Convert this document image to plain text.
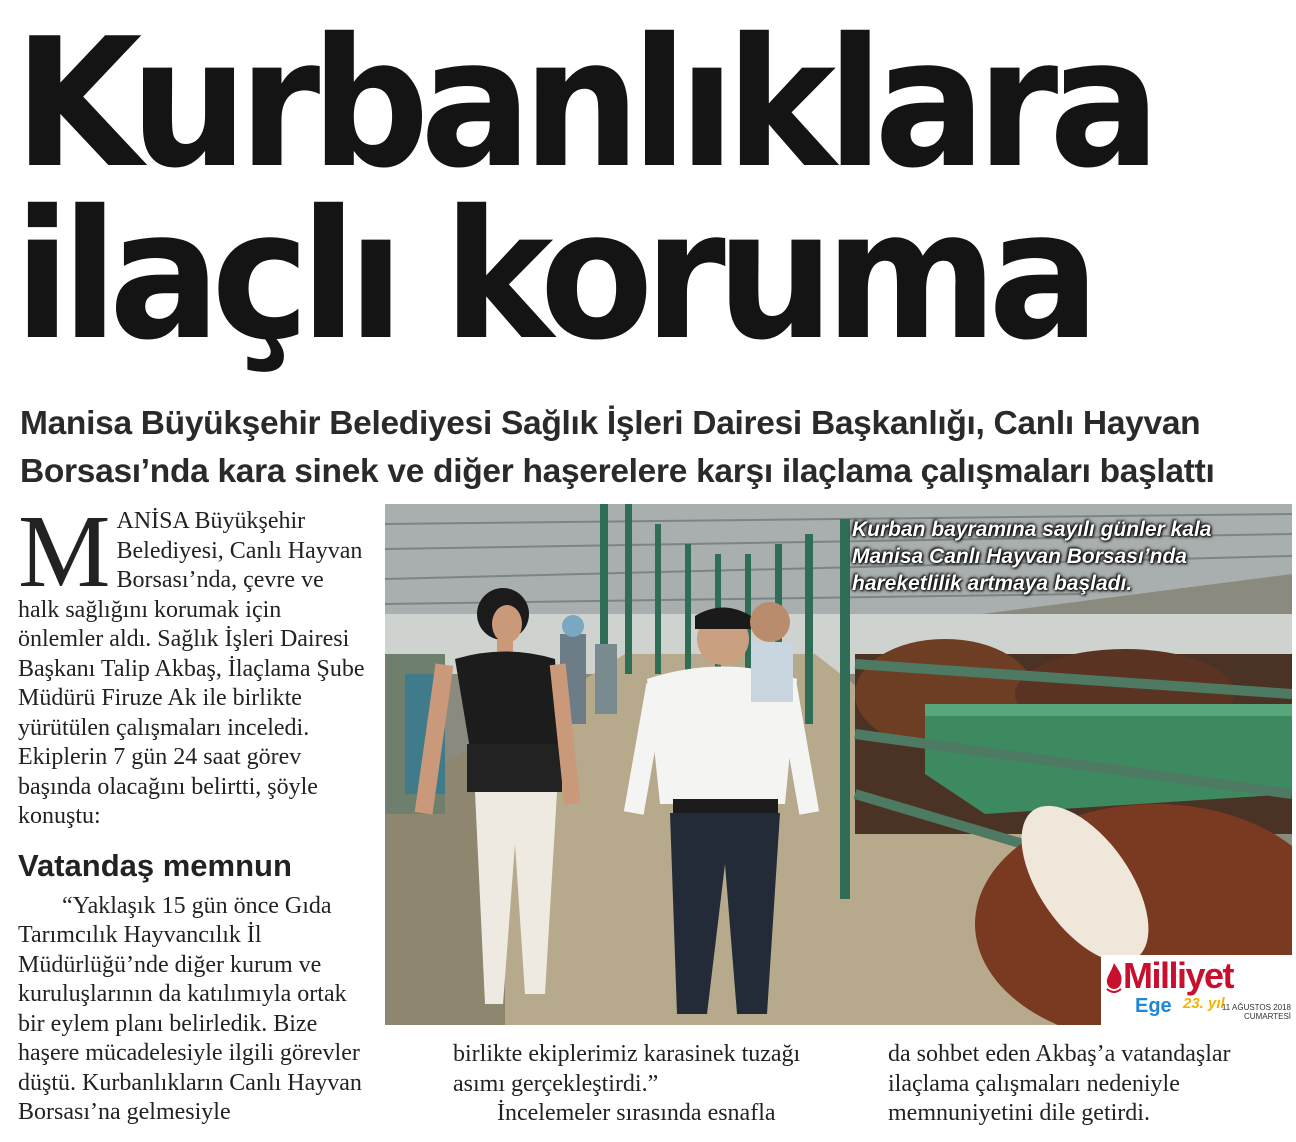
Kurbanlıklara
ilaçlı koruma

Manisa Büyükşehir Belediyesi Sağlık İşleri Dairesi Başkanlığı, Canlı Hayvan
Borsası’nda kara sinek ve diğer haşerelere karşı ilaçlama çalışmaları başlattı

MANİSA Büyükşehir Belediyesi, Canlı Hayvan Borsası’nda, çevre ve halk sağlığını korumak için önlemler aldı. Sağlık İşleri Dairesi Başkanı Talip Akbaş, İlaçlama Şube Müdürü Firuze Ak ile birlikte yürütülen çalışmaları inceledi. Ekiplerin 7 gün 24 saat görev başında olacağını belirtti, şöyle konuştu:

Vatandaş memnun

“Yaklaşık 15 gün önce Gıda Tarımcılık Hayvancılık İl Müdürlüğü’nde diğer kurum ve kuruluşlarının da katılımıyla ortak bir eylem planı belirledik. Bize haşere mücadelesiyle ilgili görevler düştü. Kurbanlıkların Canlı Hayvan Borsası’na gelmesiyle

Kurban bayramına sayılı günler kala Manisa Canlı Hayvan Borsası’nda hareketlilik artmaya başladı.

Milliyet
Ege 23. yıl
11 AĞUSTOS 2018
CUMARTESİ

birlikte ekiplerimiz karasinek tuzağı asımı gerçekleştirdi.”

İncelemeler sırasında esnafla

da sohbet eden Akbaş’a vatandaşlar ilaçlama çalışmaları nedeniyle memnuniyetini dile getirdi.
